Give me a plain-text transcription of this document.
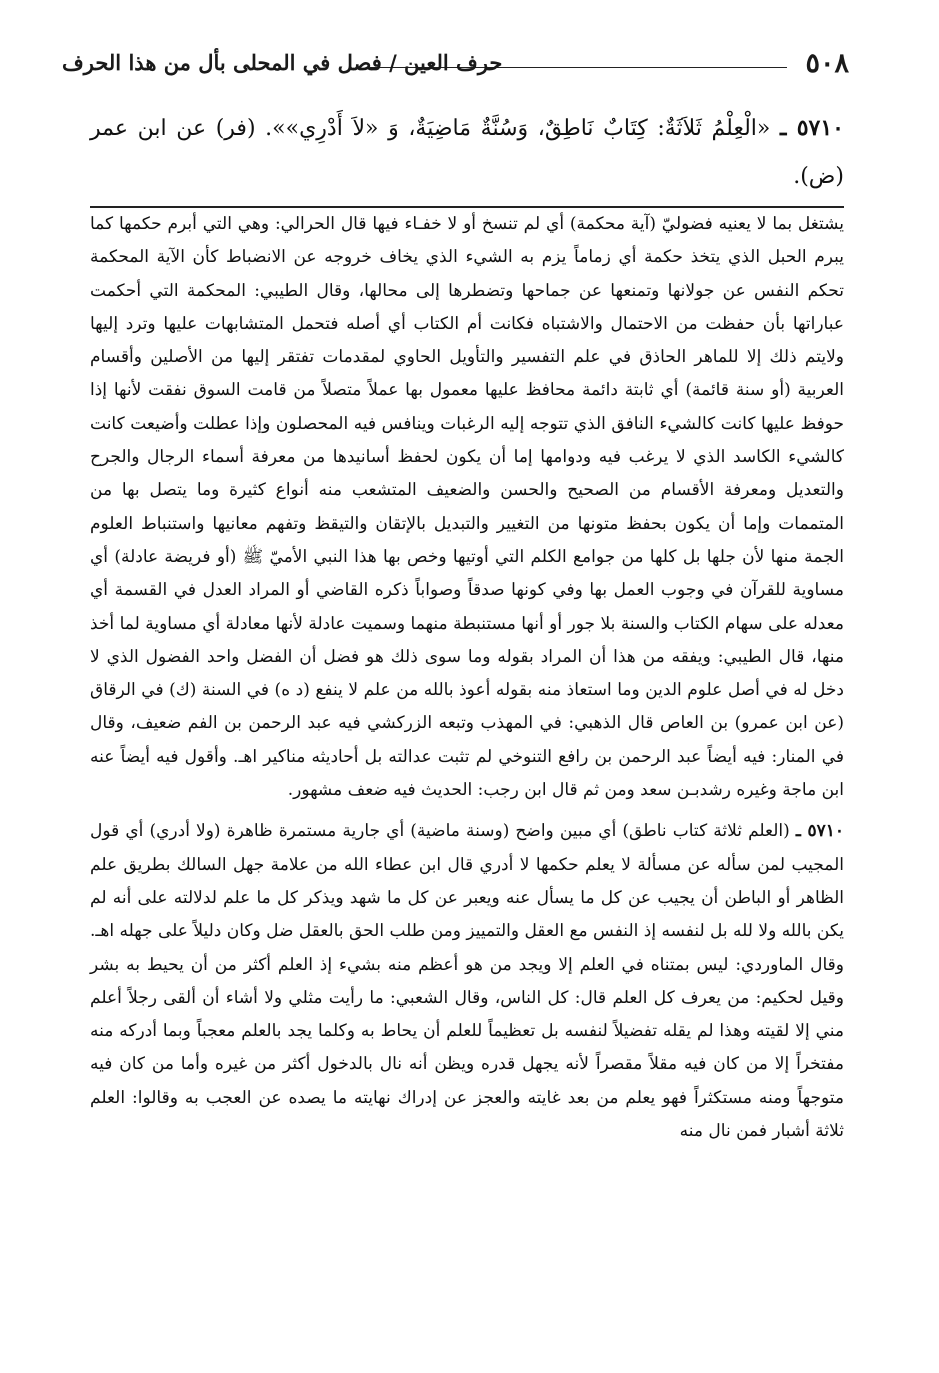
٥٠٨
حرف العين / فصل في المحلى بأل من هذا الحرف
٥٧١٠ ـ «الْعِلْمُ ثَلاَثَةٌ: كِتَابٌ نَاطِقٌ، وَسُنَّةٌ مَاضِيَةٌ، وَ «لاَ أَدْرِي»». (فر) عن ابن عمر (ض).

يشتغل بما لا يعنيه فضوليّ (آية محكمة) أي لم تنسخ أو لا خفـاء فيها قال الحرالي: وهي التي أبرم حكمها كما يبرم الحبل الذي يتخذ حكمة أي زماماً يزم به الشيء الذي يخاف خروجه عن الانضباط كأن الآية المحكمة تحكم النفس عن جولانها وتمنعها عن جماحها وتضطرها إلى محالها، وقال الطيبي: المحكمة التي أحكمت عباراتها بأن حفظت من الاحتمال والاشتباه فكانت أم الكتاب أي أصله فتحمل المتشابهات عليها وترد إليها ولايتم ذلك إلا للماهر الحاذق في علم التفسير والتأويل الحاوي لمقدمات تفتقر إليها من الأصلين وأقسام العربية (أو سنة قائمة) أي ثابتة دائمة محافظ عليها معمول بها عملاً متصلاً من قامت السوق نفقت لأنها إذا حوفظ عليها كانت كالشيء النافق الذي تتوجه إليه الرغبات وينافس فيه المحصلون وإذا عطلت وأضيعت كانت كالشيء الكاسد الذي لا يرغب فيه ودوامها إما أن يكون لحفظ أسانيدها من معرفة أسماء الرجال والجرح والتعديل ومعرفة الأقسام من الصحيح والحسن والضعيف المتشعب منه أنواع كثيرة وما يتصل بها من المتممات وإما أن يكون بحفظ متونها من التغيير والتبديل بالإتقان والتيقظ وتفهم معانيها واستنباط العلوم الجمة منها لأن جلها بل كلها من جوامع الكلم التي أوتيها وخص بها هذا النبي الأميّ ﷺ (أو فريضة عادلة) أي مساوية للقرآن في وجوب العمل بها وفي كونها صدقاً وصواباً ذكره القاضي أو المراد العدل في القسمة أي معدله على سهام الكتاب والسنة بلا جور أو أنها مستنبطة منهما وسميت عادلة لأنها معادلة أي مساوية لما أخذ منها، قال الطيبي: ويفقه من هذا أن المراد بقوله وما سوى ذلك هو فضل أن الفضل واحد الفضول الذي لا دخل له في أصل علوم الدين وما استعاذ منه بقوله أعوذ بالله من علم لا ينفع (د ه) في السنة (ك) في الرقاق (عن ابن عمرو) بن العاص قال الذهبي: في المهذب وتبعه الزركشي فيه عبد الرحمن بن الفم ضعيف، وقال في المنار: فيه أيضاً عبد الرحمن بن رافع التنوخي لم تثبت عدالته بل أحاديثه مناكير اهـ. وأقول فيه أيضاً عنه ابن ماجة وغيره رشدبـن سعد ومن ثم قال ابن رجب: الحديث فيه ضعف مشهور.

٥٧١٠ ـ (العلم ثلاثة كتاب ناطق) أي مبين واضح (وسنة ماضية) أي جارية مستمرة ظاهرة (ولا أدري) أي قول المجيب لمن سأله عن مسألة لا يعلم حكمها لا أدري قال ابن عطاء الله من علامة جهل السالك بطريق علم الظاهر أو الباطن أن يجيب عن كل ما يسأل عنه ويعبر عن كل ما شهد ويذكر كل ما علم لدلالته على أنه لم يكن بالله ولا لله بل لنفسه إذ النفس مع العقل والتمييز ومن طلب الحق بالعقل ضل وكان دليلاً على جهله اهـ. وقال الماوردي: ليس بمتناه في العلم إلا ويجد من هو أعظم منه بشيء إذ العلم أكثر من أن يحيط به بشر وقيل لحكيم: من يعرف كل العلم قال: كل الناس، وقال الشعبي: ما رأيت مثلي ولا أشاء أن ألقى رجلاً أعلم مني إلا لقيته وهذا لم يقله تفضيلاً لنفسه بل تعظيماً للعلم أن يحاط به وكلما يجد بالعلم معجباً وبما أدركه منه مفتخراً إلا من كان فيه مقلاً مقصراً لأنه يجهل قدره ويظن أنه نال بالدخول أكثر من غيره وأما من كان فيه متوجهاً ومنه مستكثراً فهو يعلم من بعد غايته والعجز عن إدراك نهايته ما يصده عن العجب به وقالوا: العلم ثلاثة أشبار فمن نال منه
